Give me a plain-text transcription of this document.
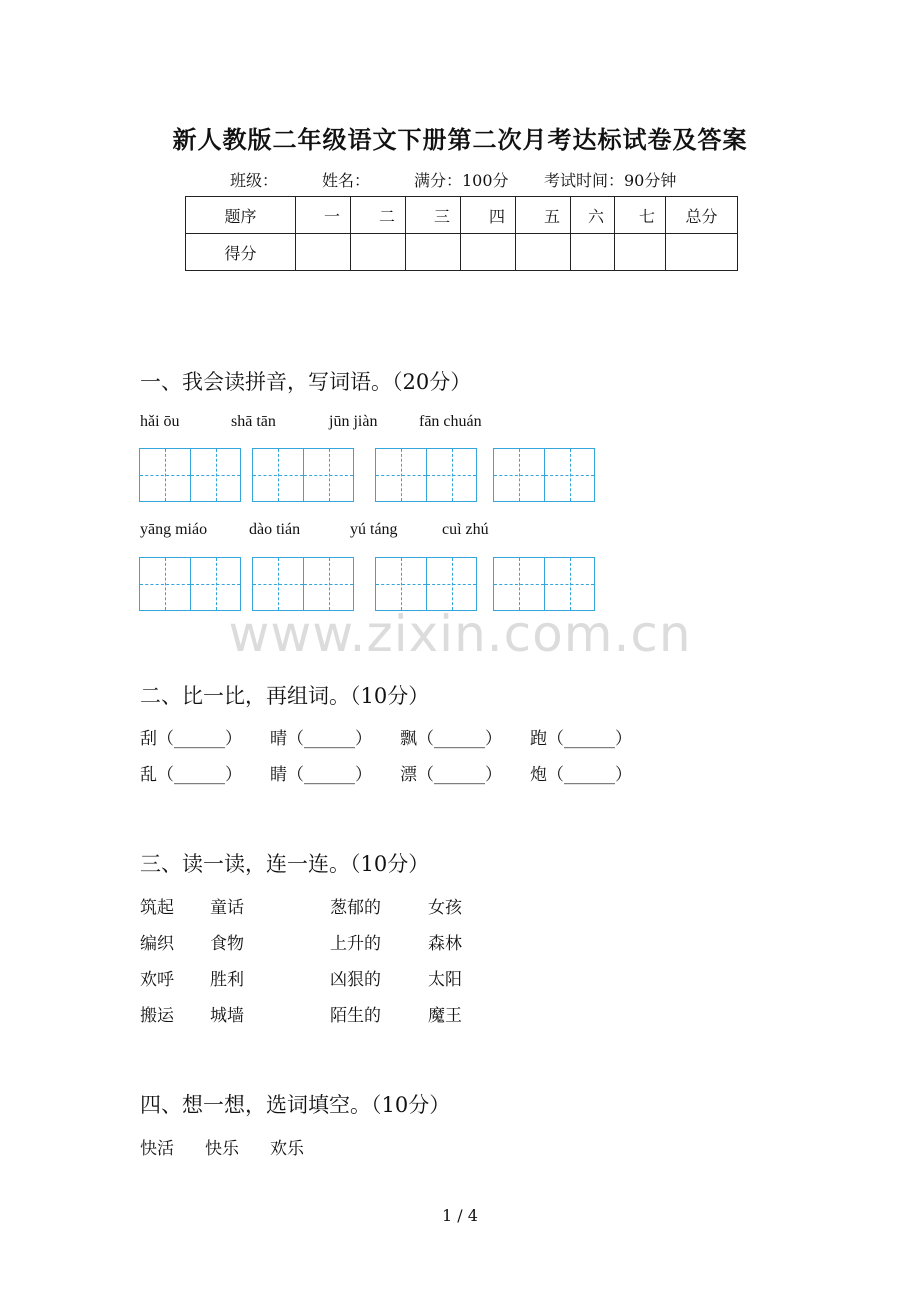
新人教版二年级语文下册第二次月考达标试卷及答案
班级：	姓名：	满分：100分 考试时间：90分钟
题序	一	二	三	四	五	六	七	总分
得分								
一、我会读拼音，写词语。（20分）
hǎi ōu	shā tān	jūn jiàn	fān chuán
yāng miáo	dào tián	yú táng	cuì zhú
www.zixin.com.cn
二、比一比，再组词。（10分）
刮（______） 晴（______） 飘（______） 跑（______）
乱（______） 睛（______） 漂（______） 炮（______）
三、读一读，连一连。（10分）
筑起 童话	葱郁的	女孩
编织 食物	上升的	森林
欢呼 胜利	凶狠的	太阳
搬运 城墙	陌生的	魔王
四、想一想，选词填空。（10分）
快活 快乐 欢乐
1 / 4
